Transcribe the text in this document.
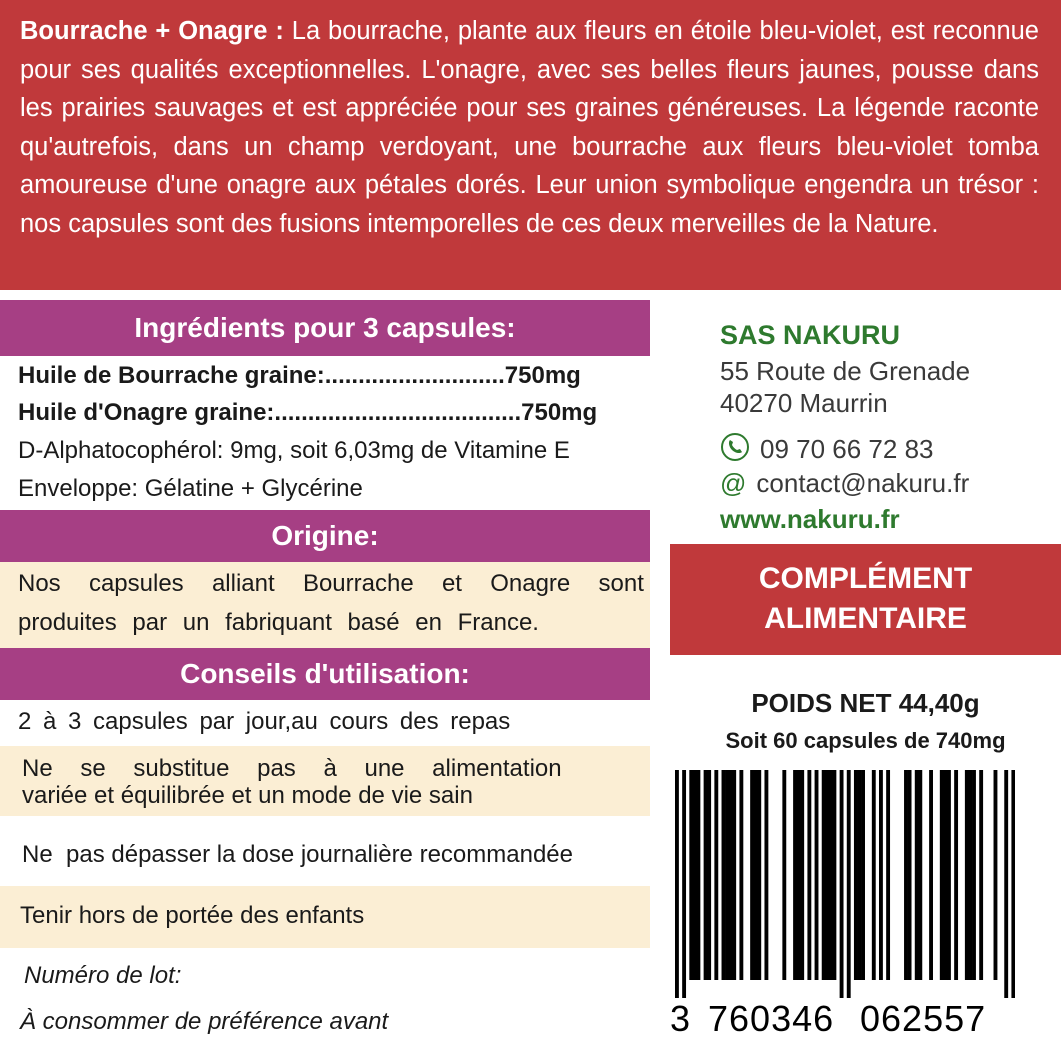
Bourrache + Onagre : La bourrache, plante aux fleurs en étoile bleu-violet, est reconnue pour ses qualités exceptionnelles. L'onagre, avec ses belles fleurs jaunes, pousse dans les prairies sauvages et est appréciée pour ses graines généreuses. La légende raconte qu'autrefois, dans un champ verdoyant, une bourrache aux fleurs bleu-violet tomba amoureuse d'une onagre aux pétales dorés. Leur union symbolique engendra un trésor : nos capsules sont des fusions intemporelles de ces deux merveilles de la Nature.
Ingrédients pour 3 capsules:
Huile de Bourrache graine:...........................750mg
Huile d'Onagre graine:.....................................750mg
D-Alphatocophérol: 9mg, soit 6,03mg de Vitamine E
Enveloppe: Gélatine + Glycérine
Origine:
Nos capsules alliant Bourrache et Onagre sont
produites par un fabriquant basé en France.
Conseils d'utilisation:
2 à 3 capsules par jour,au cours des repas
Ne se substitue pas à une alimentation
variée et équilibrée et un mode de vie sain
Ne  pas dépasser la dose journalière recommandée
Tenir hors de portée des enfants
Numéro de lot:
À consommer de préférence avant
SAS NAKURU
55 Route de Grenade
40270 Maurrin
09 70 66 72 83
@ contact@nakuru.fr
www.nakuru.fr
COMPLÉMENT
ALIMENTAIRE
POIDS NET 44,40g
Soit 60 capsules de 740mg
3 760346 062557
